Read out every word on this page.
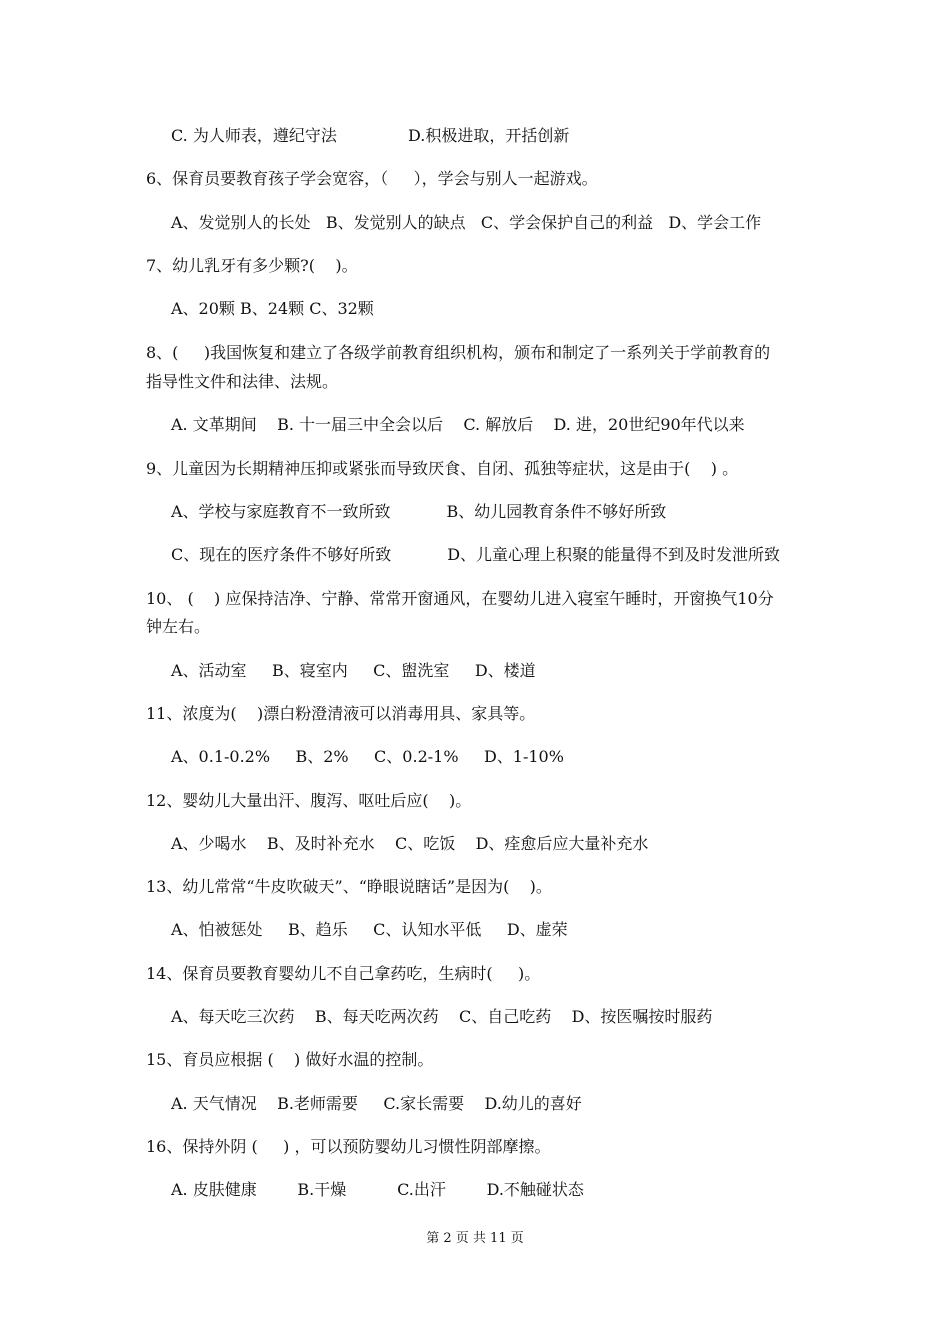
C. 为人师表，遵纪守法              D.积极进取，开括创新
6、保育员要教育孩子学会宽容，（     ），学会与别人一起游戏。
A、发觉别人的长处   B、发觉别人的缺点   C、学会保护自己的利益   D、学会工作
7、幼儿乳牙有多少颗?(    )。
A、20颗 B、24颗 C、32颗
8、(     )我国恢复和建立了各级学前教育组织机构，颁布和制定了一系列关于学前教育的
指导性文件和法律、法规。
A. 文革期间    B. 十一届三中全会以后    C. 解放后    D. 进，20世纪90年代以来
9、儿童因为长期精神压抑或紧张而导致厌食、自闭、孤独等症状，这是由于(    ) 。
A、学校与家庭教育不一致所致           B、幼儿园教育条件不够好所致
C、现在的医疗条件不够好所致           D、儿童心理上积聚的能量得不到及时发泄所致
10、 (    ) 应保持洁净、宁静、常常开窗通风，在婴幼儿进入寝室午睡时，开窗换气10分
钟左右。
A、活动室     B、寝室内     C、盥洗室     D、楼道
11、浓度为(    )漂白粉澄清液可以消毒用具、家具等。
A、0.1-0.2%     B、2%     C、0.2-1%     D、1-10%
12、婴幼儿大量出汗、腹泻、呕吐后应(    )。
A、少喝水    B、及时补充水    C、吃饭    D、痊愈后应大量补充水
13、幼儿常常“牛皮吹破天”、“睁眼说瞎话”是因为(    )。
A、怕被惩处     B、趋乐     C、认知水平低     D、虚荣
14、保育员要教育婴幼儿不自己拿药吃，生病时(     )。
A、每天吃三次药    B、每天吃两次药    C、自己吃药    D、按医嘱按时服药
15、育员应根据 (    ) 做好水温的控制。
A. 天气情况    B.老师需要     C.家长需要    D.幼儿的喜好
16、保持外阴 (     ) ，可以预防婴幼儿习惯性阴部摩擦。
A. 皮肤健康        B.干燥          C.出汗        D.不触碰状态
第 2 页 共 11 页
